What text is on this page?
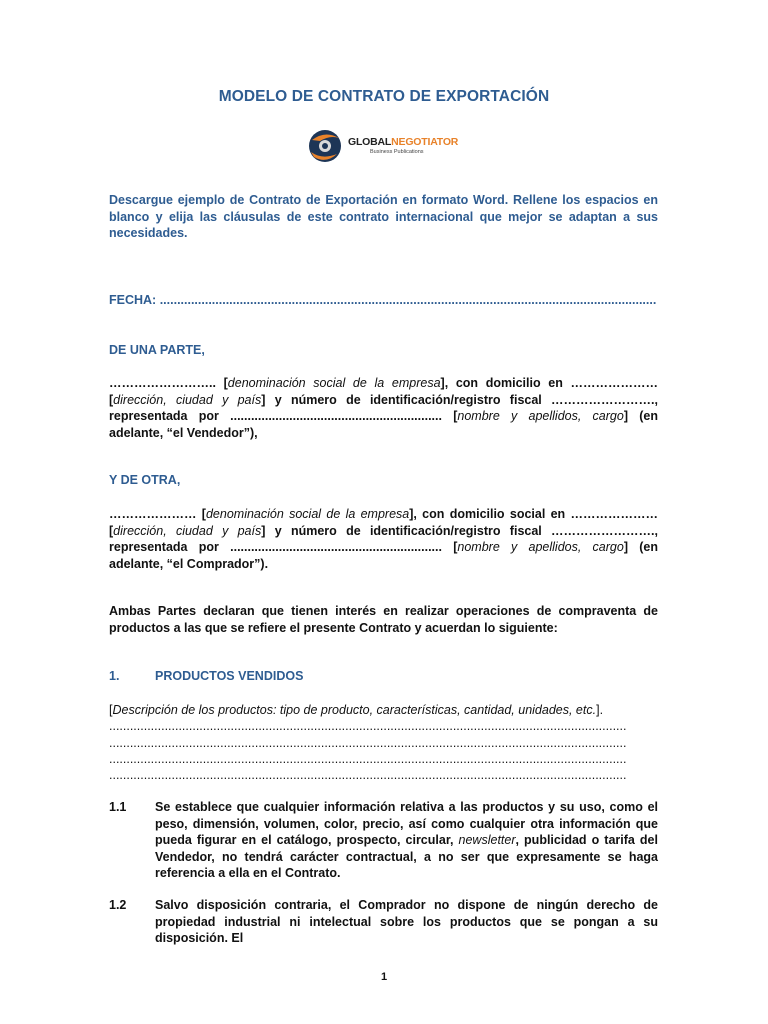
MODELO DE CONTRATO DE EXPORTACIÓN
GLOBALNEGOTIATOR
Business Publications
Descargue ejemplo de Contrato de Exportación en formato Word. Rellene los espacios en blanco y elija las cláusulas de este contrato internacional que mejor se adaptan a sus necesidades.
FECHA: ...............................................................................................................................................
DE UNA PARTE,
…………………….. [denominación social de la empresa], con domicilio en ………………… [dirección, ciudad y país] y número de identificación/registro fiscal ……………………., representada por ............................................................. [nombre y apellidos, cargo] (en adelante, “el Vendedor”),
Y DE OTRA,
………………… [denominación social de la empresa], con domicilio social en ………………… [dirección, ciudad y país] y número de identificación/registro fiscal ……………………., representada por ............................................................. [nombre y apellidos, cargo] (en adelante, “el Comprador”).
Ambas Partes declaran que tienen interés en realizar operaciones de compraventa de productos a las que se refiere el presente Contrato y acuerdan lo siguiente:
1.	PRODUCTOS VENDIDOS
[Descripción de los productos: tipo de producto, características, cantidad, unidades, etc.].
.....................................................................................................................................................
.....................................................................................................................................................
.....................................................................................................................................................
.....................................................................................................................................................
1.1 Se establece que cualquier información relativa a las productos y su uso, como el peso, dimensión, volumen, color, precio, así como cualquier otra información que pueda figurar en el catálogo, prospecto, circular, newsletter, publicidad o tarifa del Vendedor, no tendrá carácter contractual, a no ser que expresamente se haga referencia a ella en el Contrato.
1.2 Salvo disposición contraria, el Comprador no dispone de ningún derecho de propiedad industrial ni intelectual sobre los productos que se pongan a su disposición. El
1
